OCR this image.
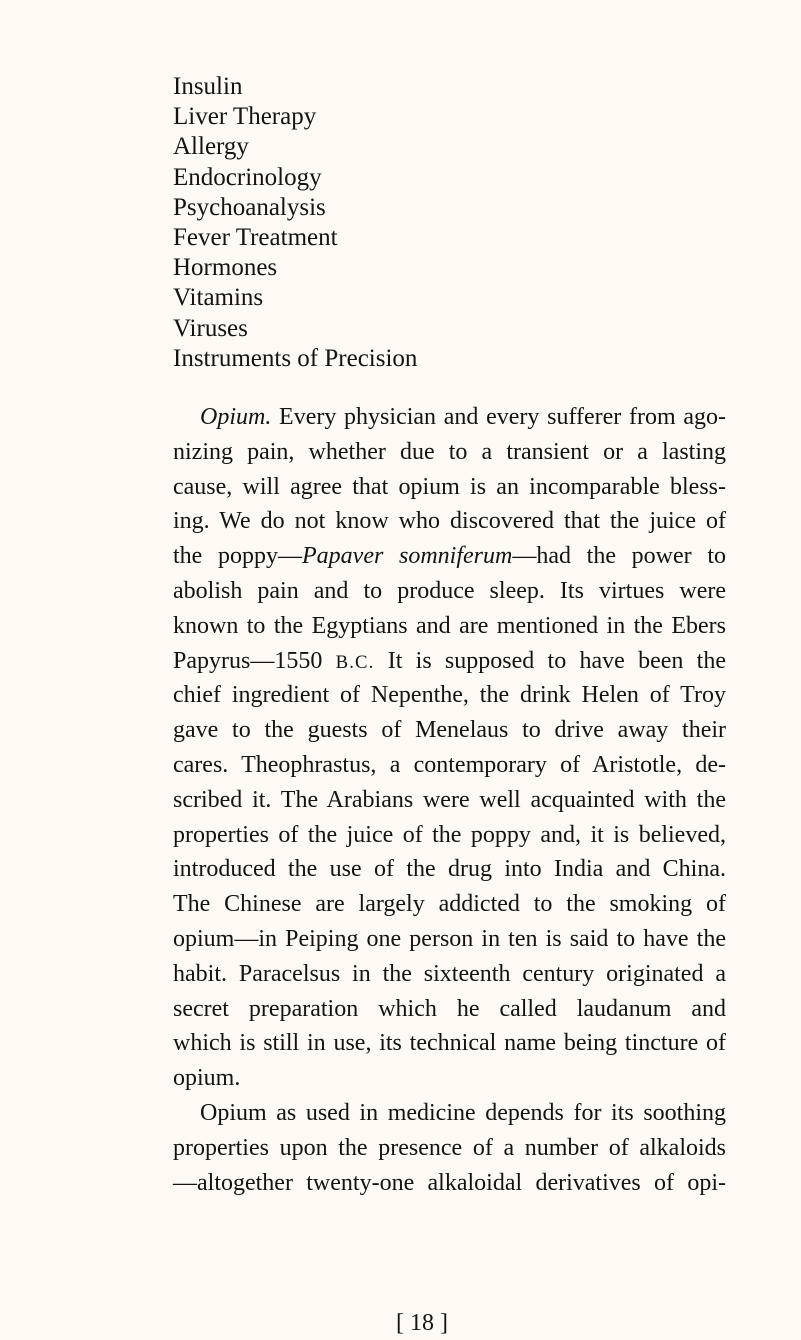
Insulin
Liver Therapy
Allergy
Endocrinology
Psychoanalysis
Fever Treatment
Hormones
Vitamins
Viruses
Instruments of Precision
Opium. Every physician and every sufferer from ago-
nizing pain, whether due to a transient or a lasting
cause, will agree that opium is an incomparable bless-
ing. We do not know who discovered that the juice of
the poppy—Papaver somniferum—had the power to
abolish pain and to produce sleep. Its virtues were
known to the Egyptians and are mentioned in the Ebers
Papyrus—1550 B.C. It is supposed to have been the
chief ingredient of Nepenthe, the drink Helen of Troy
gave to the guests of Menelaus to drive away their
cares. Theophrastus, a contemporary of Aristotle, de-
scribed it. The Arabians were well acquainted with the
properties of the juice of the poppy and, it is believed,
introduced the use of the drug into India and China.
The Chinese are largely addicted to the smoking of
opium—in Peiping one person in ten is said to have the
habit. Paracelsus in the sixteenth century originated a
secret preparation which he called laudanum and
which is still in use, its technical name being tincture of
opium.
Opium as used in medicine depends for its soothing
properties upon the presence of a number of alkaloids
—altogether twenty-one alkaloidal derivatives of opi-
[ 18 ]
